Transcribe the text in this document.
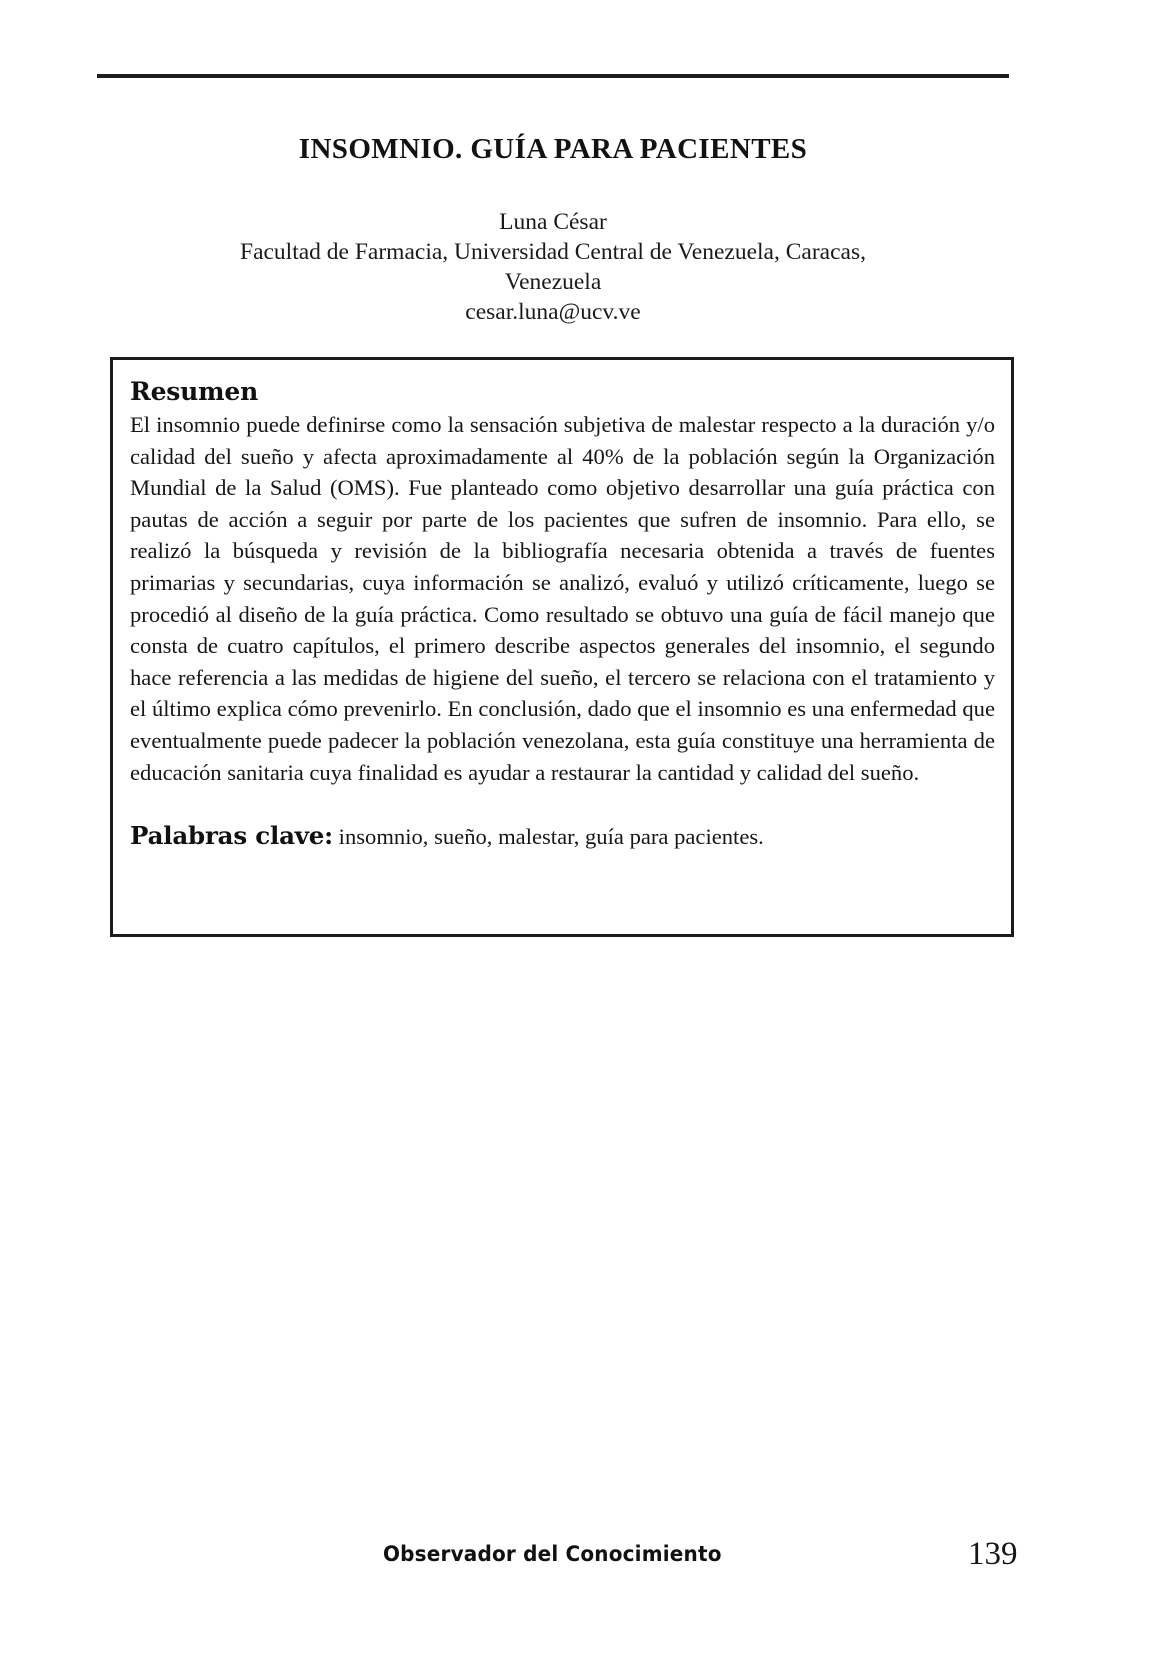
INSOMNIO. GUÍA PARA PACIENTES
Luna César
Facultad de Farmacia, Universidad Central de Venezuela, Caracas,
Venezuela
cesar.luna@ucv.ve
Resumen

El insomnio puede definirse como la sensación subjetiva de malestar respecto a la duración y/o calidad del sueño y afecta aproximadamente al 40% de la población según la Organización Mundial de la Salud (OMS). Fue planteado como objetivo desarrollar una guía práctica con pautas de acción a seguir por parte de los pacientes que sufren de insomnio. Para ello, se realizó la búsqueda y revisión de la bibliografía necesaria obtenida a través de fuentes primarias y secundarias, cuya información se analizó, evaluó y utilizó críticamente, luego se procedió al diseño de la guía práctica. Como resultado se obtuvo una guía de fácil manejo que consta de cuatro capítulos, el primero describe aspectos generales del insomnio, el segundo hace referencia a las medidas de higiene del sueño, el tercero se relaciona con el tratamiento y el último explica cómo prevenirlo. En conclusión, dado que el insomnio es una enfermedad que eventualmente puede padecer la población venezolana, esta guía constituye una herramienta de educación sanitaria cuya finalidad es ayudar a restaurar la cantidad y calidad del sueño.

Palabras clave: insomnio, sueño, malestar, guía para pacientes.
Observador del Conocimiento	139
